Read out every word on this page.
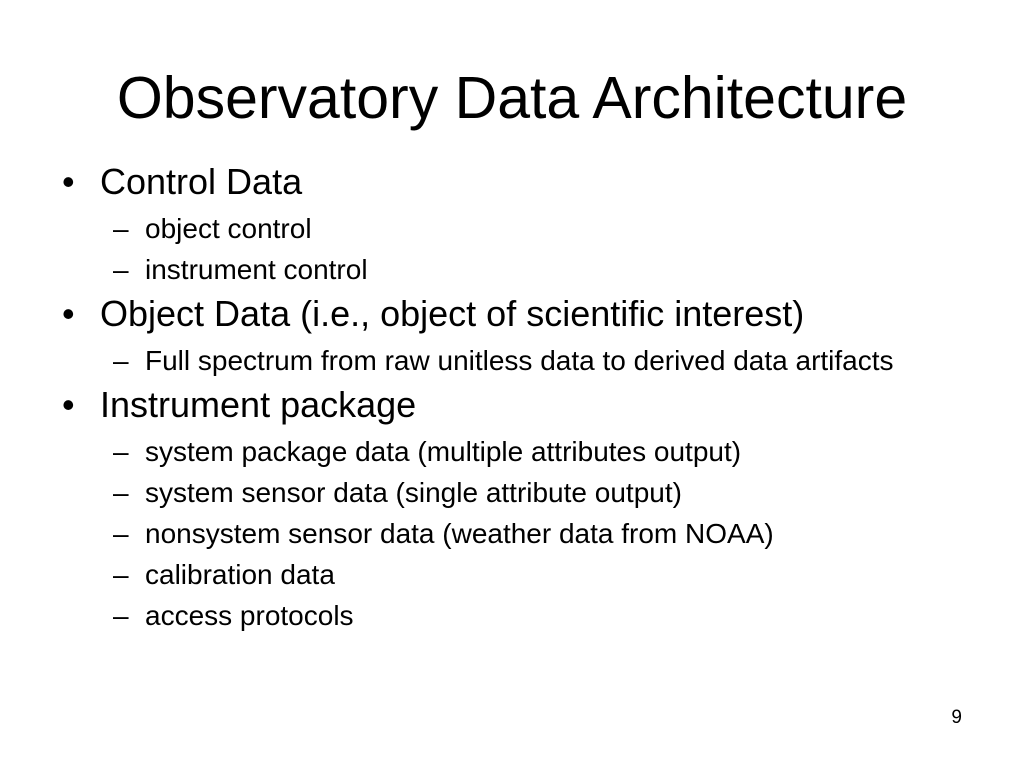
Observatory Data Architecture
• Control Data
– object control
– instrument control
• Object Data (i.e., object of scientific interest)
– Full spectrum from raw unitless data to derived data artifacts
• Instrument package
– system package data (multiple attributes output)
– system sensor data (single attribute output)
– nonsystem sensor data (weather data from NOAA)
– calibration data
– access protocols
9
